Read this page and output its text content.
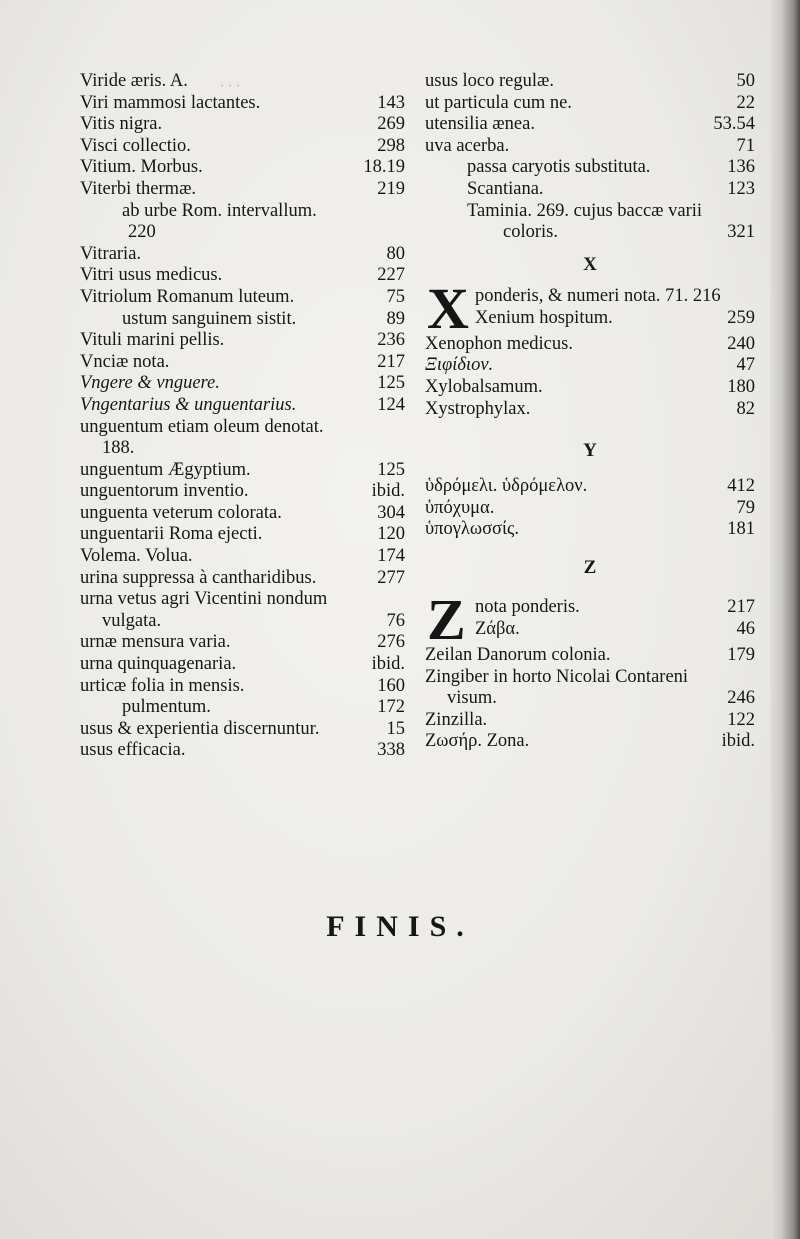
· · ·
Viride æris. A.
Viri mammosi lactantes.	143
Vitis nigra.	269
Visci collectio.	298
Vitium. Morbus.	18.19
Viterbi thermæ.	219
ab urbe Rom. intervallum.
220
Vitraria.	80
Vitri usus medicus.	227
Vitriolum Romanum luteum.	75
ustum sanguinem sistit.	89
Vituli marini pellis.	236
Vnciæ nota.	217
Vngere & vnguere.	125
Vngentarius & unguentarius.	124
unguentum etiam oleum denotat.
188.
unguentum Ægyptium.	125
unguentorum inventio.	ibid.
unguenta veterum colorata.	304
unguentarii Roma ejecti.	120
Volema. Volua.	174
urina suppressa à cantharidibus.	277
urna vetus agri Vicentini nondum
vulgata.	76
urnæ mensura varia.	276
urna quinquagenaria.	ibid.
urticæ folia in mensis.	160
pulmentum.	172
usus & experientia discernuntur.	15
usus efficacia.	338
usus loco regulæ.	50
ut particula cum ne.	22
utensilia ænea.	53.54
uva acerba.	71
passa caryotis substituta.	136
Scantiana.	123
Taminia. 269. cujus baccæ varii
coloris.	321
X
X ponderis, & numeri nota. 71. 216
Xenium hospitum.	259
Xenophon medicus.	240
Ξιφίδιον.	47
Xylobalsamum.	180
Xystrophylax.	82
Y
ὑδρόμελι. ὑδρόμελον.	412
ὑπόχυμα.	79
ὑπογλωσσίς.	181
Z
Z nota ponderis.	217
Ζάβα.	46
Zeilan Danorum colonia.	179
Zingiber in horto Nicolai Contareni
visum.	246
Zinzilla.	122
Ζωσήρ. Zona.	ibid.
FINIS.
